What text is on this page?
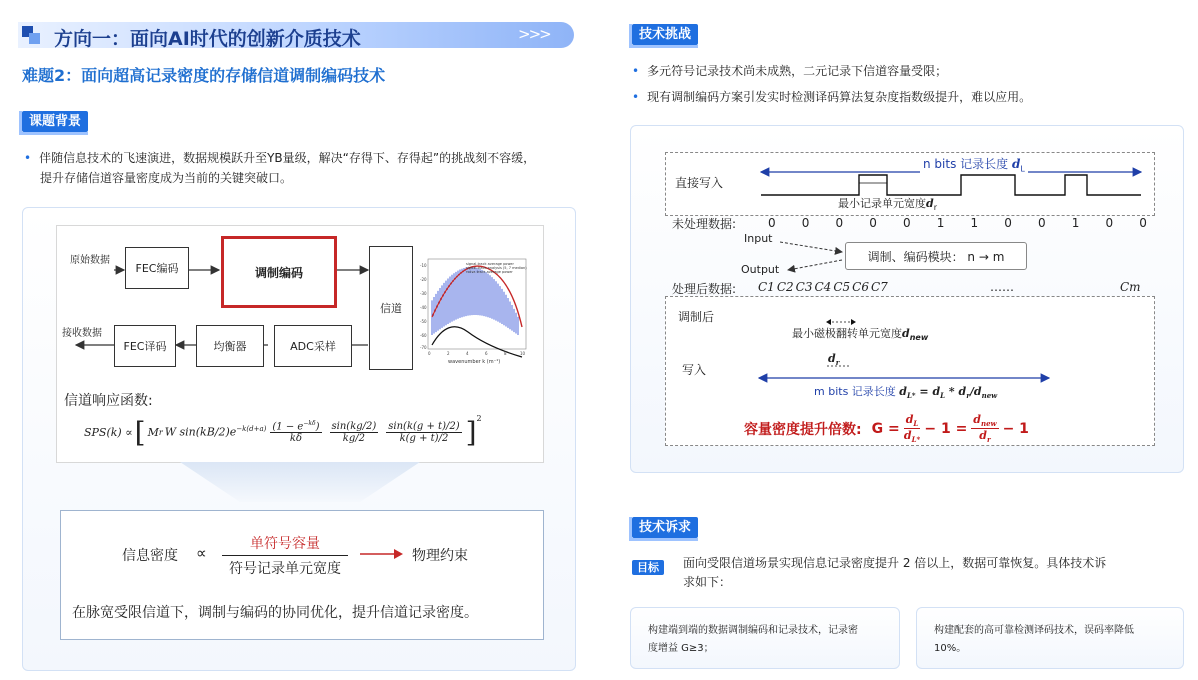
方向一：面向AI时代的创新介质技术	>>>
难题2：面向超高记录密度的存储信道调制编码技术
课题背景
• 伴随信息技术的飞速演进，数据规模跃升至YB量级，解决“存得下、存得起”的挑战刻不容缓，
提升存储信道容量密度成为当前的关键突破口。
原始数据
FEC编码	调制编码
信道
-10
-20
-30
-40
-50
-60
-70
0	2	4	6	8	10
wavenumber k (m⁻¹)
signal-track average power
signal-track analysis (5, 7 median)
noise-track average power
接收数据
FEC译码	均衡器	ADC采样
信道响应函数:
SPS(k) ∝ [ M r W $\sin(kB/2)e^{-k(d+a)}$ $(1 - e^{-k\delta})$
kδ
sin(kg/2)
kg/2
sin(k(g + t)/2)
k(g + t)/2 ]$^2$
信息密度 ∝	单符号容量
符号记录单元宽度
物理约束
在脉宽受限信道下，调制与编码的协同优化，提升信道记录密度。
技术挑战
• 多元符号记录技术尚未成熟，二元记录下信道容量受限；
• 现有调制编码方案引发实时检测译码算法复杂度指数级提升，难以应用。
直接写入
n bits 记录长度 $d_L$
最小记录单元宽度$d_r$
未处理数据:	0 0 0 0 0 1 1 0 0 1 0 0
Input
调制、编码模块： n → m
Output
处理后数据: C1 C2 C3 C4 C5 C6 C7	……	Cm
调制后
最小磁极翻转单元宽度$d_{new}$
写入
$d_r$
m bits 记录长度 $d_{L*} = d_L * d_r/d_{new}$
容量密度提升倍数: $G = \frac{d_L}{d_{L*}} - 1$ =
$d_{new}$
$d_r$
− 1
技术诉求
目标	面向受限信道场景实现信息记录密度提升 2 倍以上，数据可靠恢复。具体技术诉
求如下：
构建端到端的数据调制编码和记录技术，记录密
度增益 G≥3；
构建配套的高可靠检测译码技术，误码率降低
10%。
